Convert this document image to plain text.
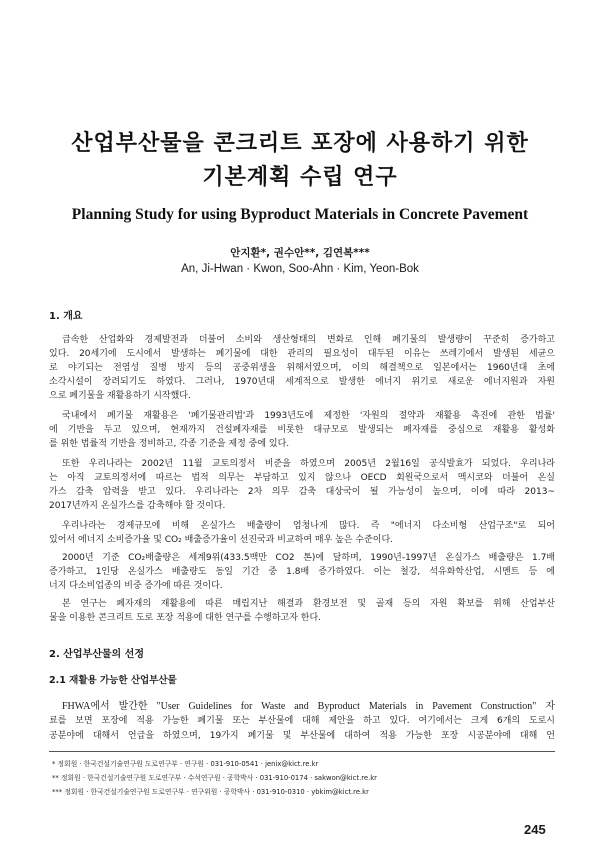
산업부산물을 콘크리트 포장에 사용하기 위한
기본계획 수립 연구
Planning Study for using Byproduct Materials in Concrete Pavement
안지환*, 권수안**, 김연복***
An, Ji-Hwan · Kwon, Soo-Ahn · Kim, Yeon-Bok
1. 개요
급속한 산업화와 경제발전과 더불어 소비와 생산형태의 변화로 인해 폐기물의 발생량이 꾸준히 증가하고
있다. 20세기에 도시에서 발생하는 폐기물에 대한 관리의 필요성이 대두된 이유는 쓰레기에서 발생된 세균으
로 야기되는 전염성 질병 방지 등의 공중위생을 위해서였으며, 이의 해결책으로 일본에서는 1960년대 초에
소각시설이 장려되기도 하였다. 그러나, 1970년대 세계적으로 발생한 에너지 위기로 새로운 에너지원과 자원
으로 폐기물을 재활용하기 시작했다.
국내에서 폐기물 재활용은 '폐기물관리법'과 1993년도에 제정한 '자원의 절약과 재활용 촉진에 관한 법률'
에 기반을 두고 있으며, 현재까지 건설폐자재를 비롯한 대규모로 발생되는 폐자재를 중심으로 재활용 활성화
를 위한 법률적 기반을 정비하고, 각종 기준을 제정 중에 있다.
또한 우리나라는 2002년 11월 교토의정서 비준을 하였으며 2005년 2월16일 공식발효가 되었다. 우리나라
는 아직 교토의정서에 따르는 법적 의무는 부담하고 있지 않으나 OECD 회원국으로서 멕시코와 더불어 온실
가스 감축 압력을 받고 있다. 우리나라는 2차 의무 감축 대상국이 될 가능성이 높으며, 이에 따라 2013~
2017년까지 온실가스를 감축해야 할 것이다.
우리나라는 경제규모에 비해 온실가스 배출량이 엄청나게 많다. 즉 "에너지 다소비형 산업구조"로 되어
있어서 에너지 소비증가율 및 CO₂ 배출증가율이 선진국과 비교하여 매우 높은 수준이다.
2000년 기준 CO₂배출량은 세계9위(433.5백만 CO2 톤)에 달하며, 1990년-1997년 온실가스 배출량은 1.7배
증가하고, 1인당 온실가스 배출량도 동일 기간 중 1.8배 증가하였다. 이는 철강, 석유화학산업, 시멘트 등 에
너지 다소비업종의 비중 증가에 따른 것이다.
본 연구는 폐자재의 재활용에 따른 매립지난 해결과 환경보전 및 골재 등의 자원 확보를 위해 산업부산
물을 이용한 콘크리트 도로 포장 적용에 대한 연구를 수행하고자 한다.
2. 산업부산물의 선정
2.1 재활용 가능한 산업부산물
FHWA에서 발간한 "User Guidelines for Waste and Byproduct Materials in Pavement Construction" 자
료를 보면 포장에 적용 가능한 폐기물 또는 부산물에 대해 제안을 하고 있다. 여기에서는 크게 6개의 도로시
공분야에 대해서 언급을 하였으며, 19가지 폐기물 및 부산물에 대하여 적용 가능한 포장 시공분야에 대해 언
* 정회원 · 한국건설기술연구원 도로연구부 · 연구원 · 031-910-0541 · jenix@kict.re.kr
** 정회원 · 한국건설기술연구원 도로연구부 · 수석연구원 · 공학박사 · 031-910-0174 · sakwon@kict.re.kr
*** 정회원 · 한국건설기술연구원 도로연구부 · 연구위원 · 공학박사 · 031-910-0310 · ybkim@kict.re.kr
245
